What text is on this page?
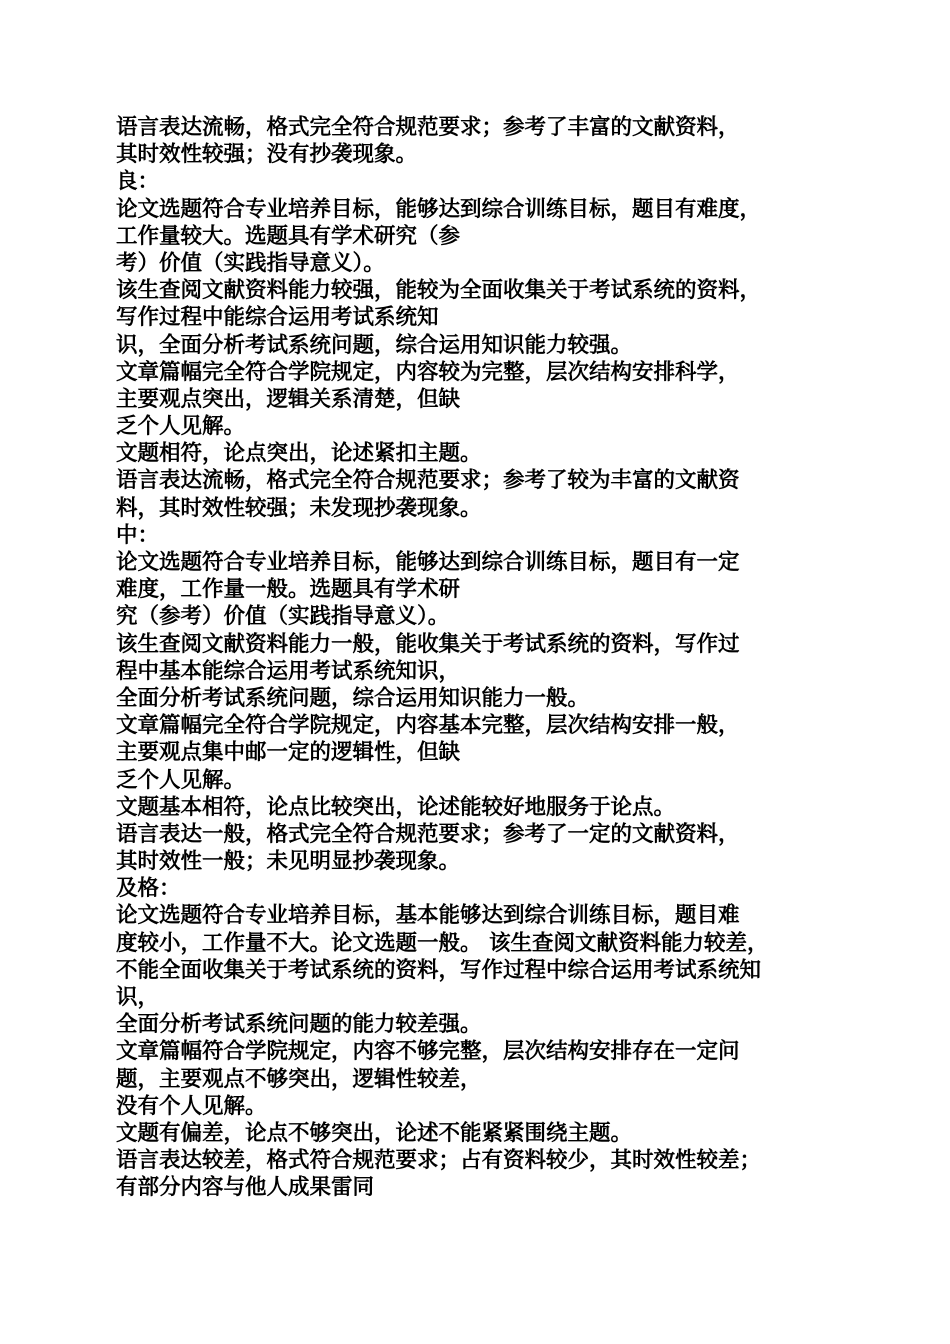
语言表达流畅，格式完全符合规范要求；参考了丰富的文献资料，
其时效性较强；没有抄袭现象。
良：
论文选题符合专业培养目标，能够达到综合训练目标，题目有难度，
工作量较大。选题具有学术研究（参
考）价值（实践指导意义）。
该生查阅文献资料能力较强，能较为全面收集关于考试系统的资料，
写作过程中能综合运用考试系统知
识，全面分析考试系统问题，综合运用知识能力较强。
文章篇幅完全符合学院规定，内容较为完整，层次结构安排科学，
主要观点突出，逻辑关系清楚，但缺
乏个人见解。
文题相符，论点突出，论述紧扣主题。
语言表达流畅，格式完全符合规范要求；参考了较为丰富的文献资
料，其时效性较强；未发现抄袭现象。
中：
论文选题符合专业培养目标，能够达到综合训练目标，题目有一定
难度，工作量一般。选题具有学术研
究（参考）价值（实践指导意义）。
该生查阅文献资料能力一般，能收集关于考试系统的资料，写作过
程中基本能综合运用考试系统知识，
全面分析考试系统问题，综合运用知识能力一般。
文章篇幅完全符合学院规定，内容基本完整，层次结构安排一般，
主要观点集中邮一定的逻辑性，但缺
乏个人见解。
文题基本相符，论点比较突出，论述能较好地服务于论点。
语言表达一般，格式完全符合规范要求；参考了一定的文献资料，
其时效性一般；未见明显抄袭现象。
及格：
论文选题符合专业培养目标，基本能够达到综合训练目标，题目难
度较小，工作量不大。论文选题一般。 该生查阅文献资料能力较差，
不能全面收集关于考试系统的资料，写作过程中综合运用考试系统知
识，
全面分析考试系统问题的能力较差强。
文章篇幅符合学院规定，内容不够完整，层次结构安排存在一定问
题，主要观点不够突出，逻辑性较差，
没有个人见解。
文题有偏差，论点不够突出，论述不能紧紧围绕主题。
语言表达较差，格式符合规范要求；占有资料较少，其时效性较差；
有部分内容与他人成果雷同
